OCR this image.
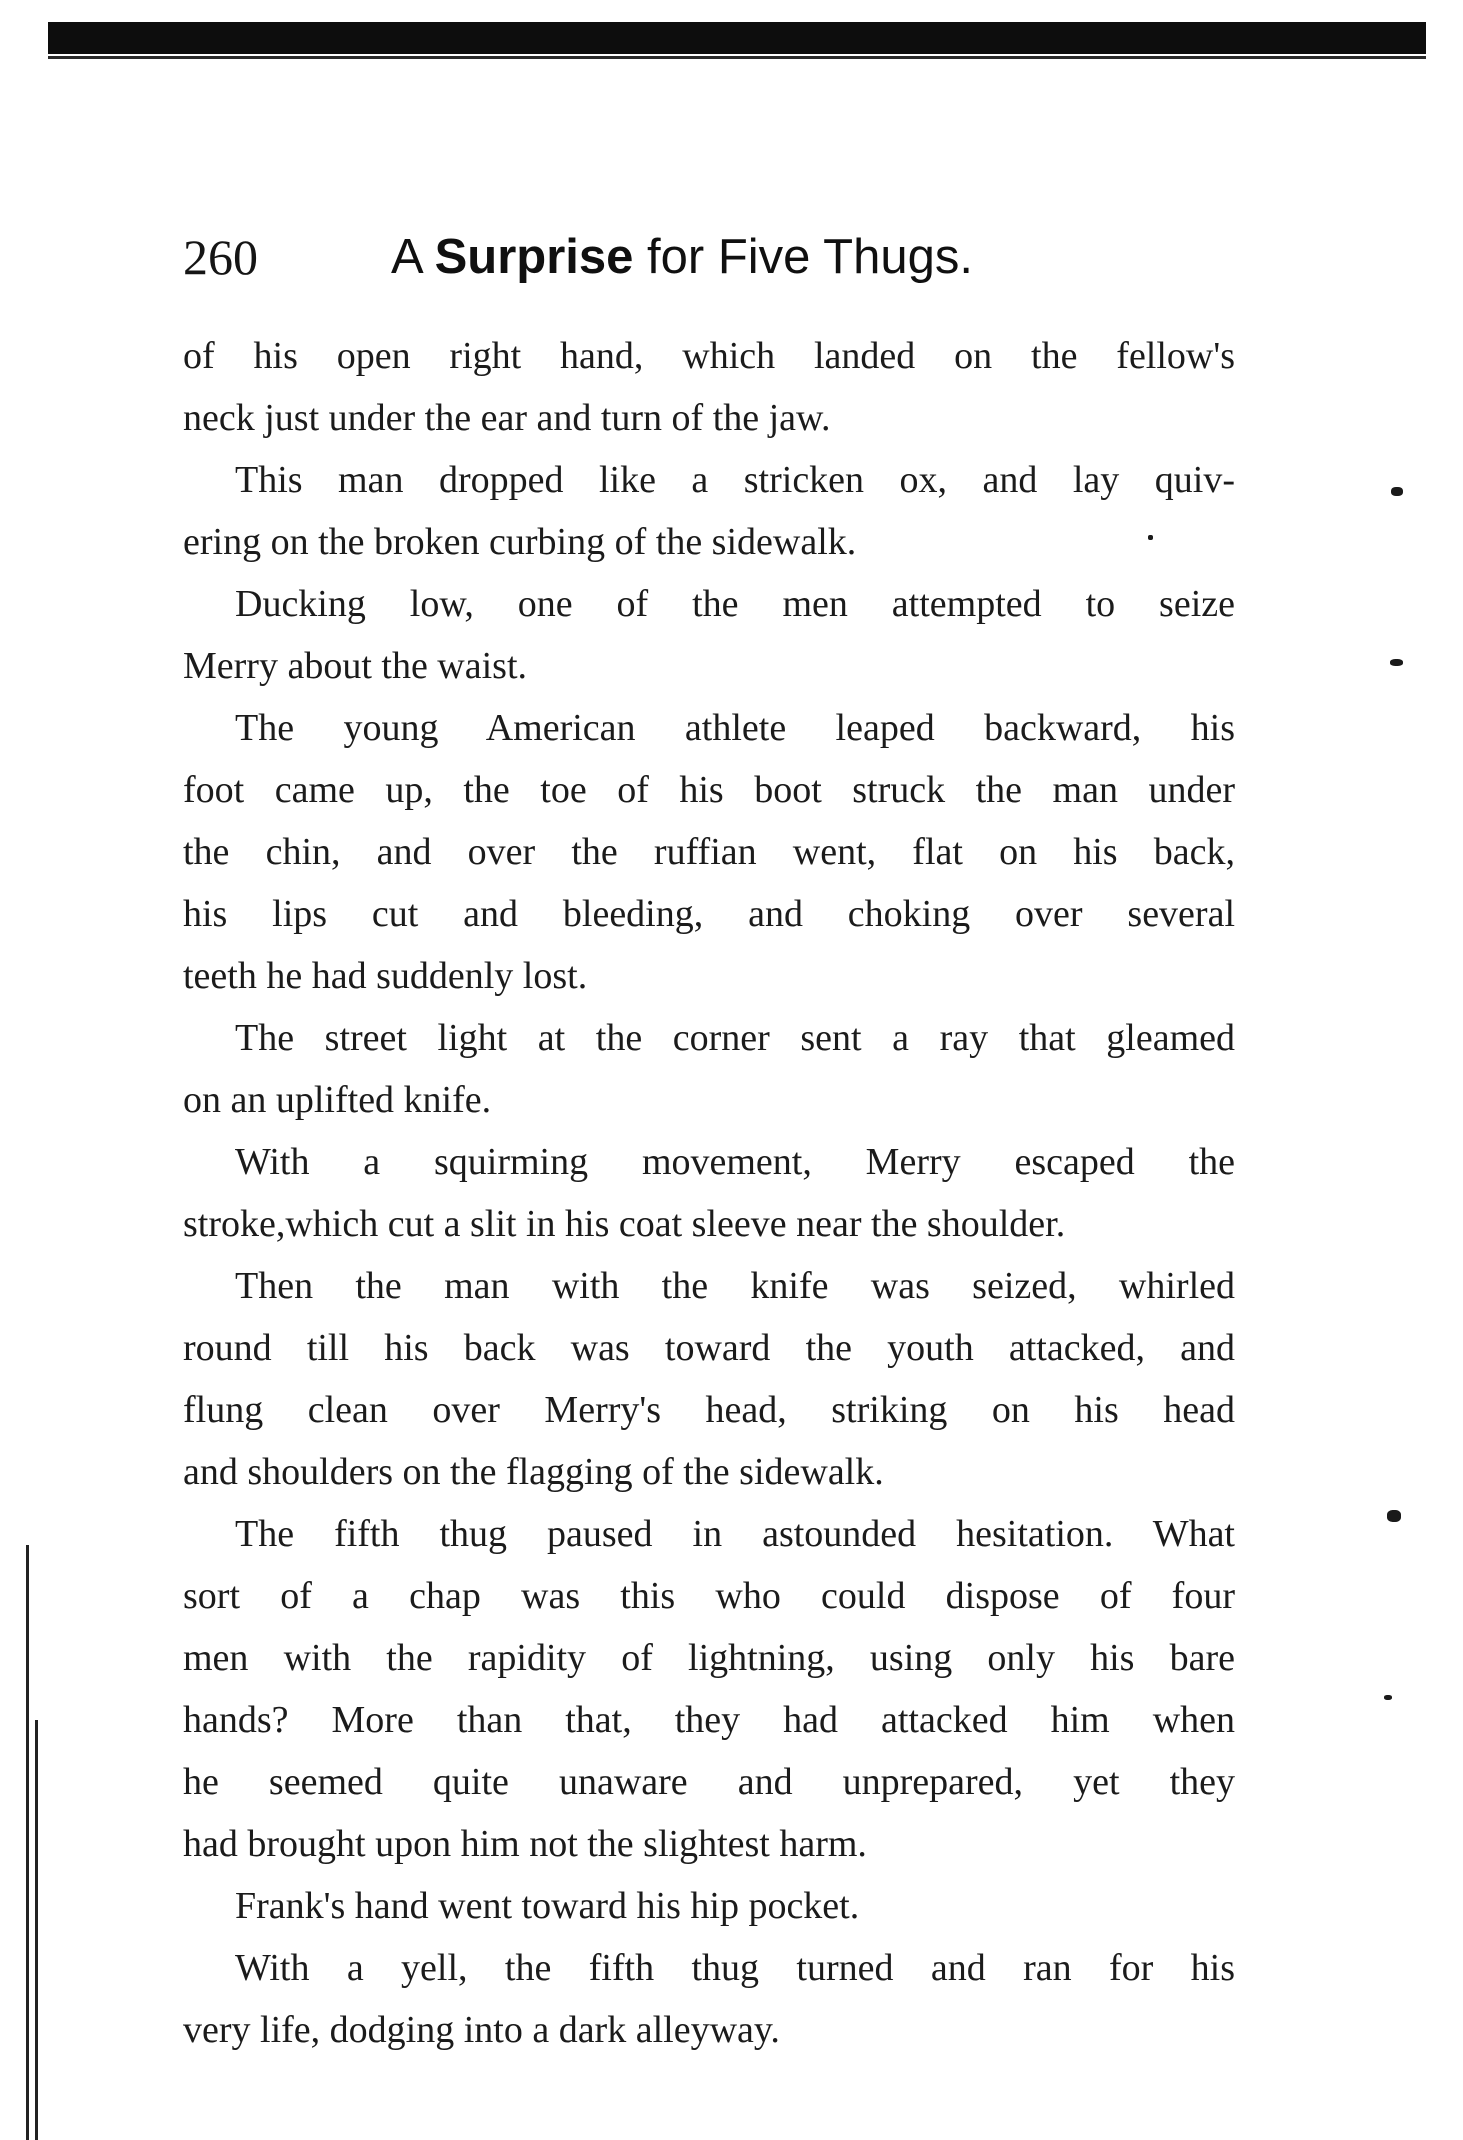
260	A Surprise for Five Thugs.

of his open right hand, which landed on the fellow's
neck just under the ear and turn of the jaw.

This man dropped like a stricken ox, and lay quiv-
ering on the broken curbing of the sidewalk.

Ducking low, one of the men attempted to seize
Merry about the waist.

The young American athlete leaped backward, his
foot came up, the toe of his boot struck the man under
the chin, and over the ruffian went, flat on his back,
his lips cut and bleeding, and choking over several
teeth he had suddenly lost.

The street light at the corner sent a ray that gleamed
on an uplifted knife.

With a squirming movement, Merry escaped the
stroke,which cut a slit in his coat sleeve near the shoulder.

Then the man with the knife was seized, whirled
round till his back was toward the youth attacked, and
flung clean over Merry's head, striking on his head
and shoulders on the flagging of the sidewalk.

The fifth thug paused in astounded hesitation. What
sort of a chap was this who could dispose of four
men with the rapidity of lightning, using only his bare
hands? More than that, they had attacked him when
he seemed quite unaware and unprepared, yet they
had brought upon him not the slightest harm.

Frank's hand went toward his hip pocket.

With a yell, the fifth thug turned and ran for his
very life, dodging into a dark alleyway.
